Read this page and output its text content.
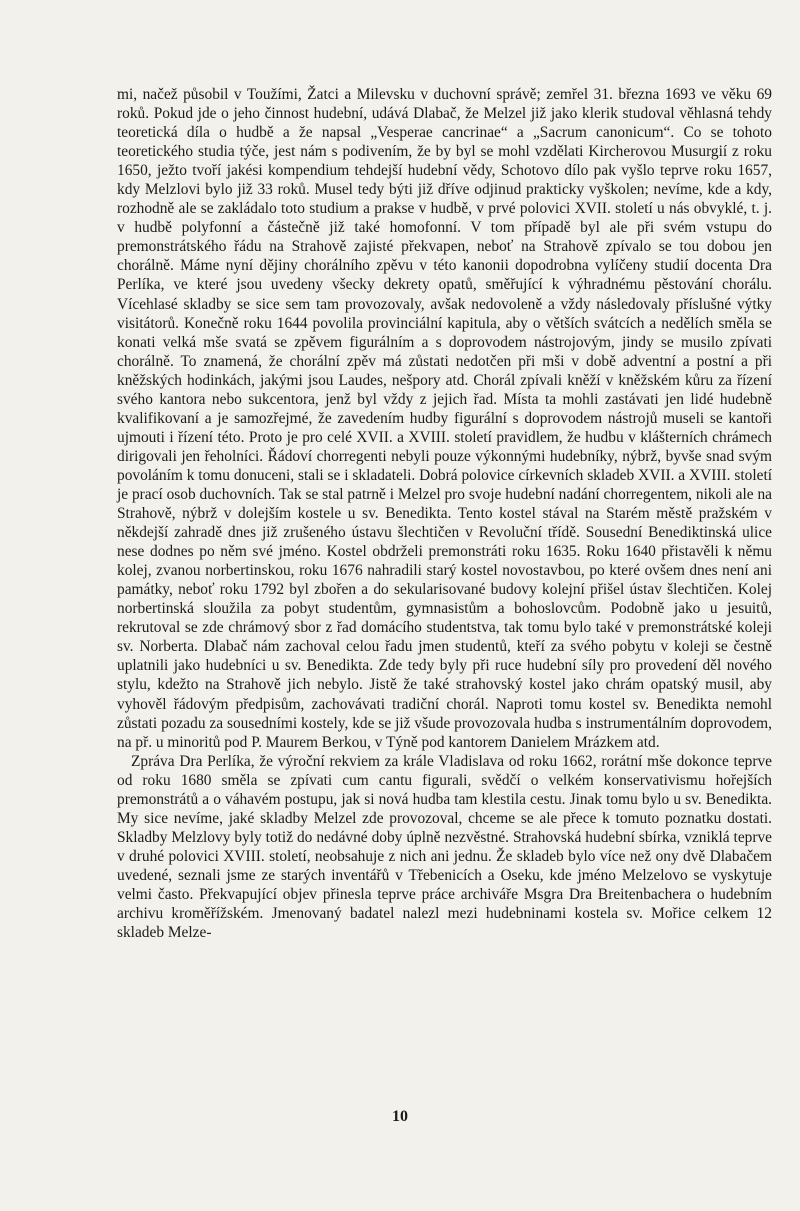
mi, načež působil v Toužími, Žatci a Milevsku v duchovní správě; zemřel 31. března 1693 ve věku 69 roků. Pokud jde o jeho činnost hudební, udává Dlabač, že Melzel již jako klerik studoval věhlasná tehdy teoretická díla o hudbě a že napsal „Vesperae cancrinae“ a „Sacrum canonicum“. Co se tohoto teoretického studia týče, jest nám s podivením, že by byl se mohl vzdělati Kircherovou Musurgií z roku 1650, ježto tvoří jakési kompendium tehdejší hudební vědy, Schotovo dílo pak vyšlo teprve roku 1657, kdy Melzlovi bylo již 33 roků. Musel tedy býti již dříve odjinud prakticky vyškolen; nevíme, kde a kdy, rozhodně ale se zakládalo toto studium a prakse v hudbě, v prvé polovici XVII. století u nás obvyklé, t. j. v hudbě polyfonní a částečně již také homofonní. V tom případě byl ale při svém vstupu do premonstrátského řádu na Strahově zajisté překvapen, neboť na Strahově zpívalo se tou dobou jen chorálně. Máme nyní dějiny chorálního zpěvu v této kanonii dopodrobna vylíčeny studií docenta Dra Perlíka, ve které jsou uvedeny všecky dekrety opatů, směřující k výhradnému pěstování chorálu. Vícehlasé skladby se sice sem tam provozovaly, avšak nedovoleně a vždy následovaly příslušné výtky visitátorů. Konečně roku 1644 povolila provinciální kapitula, aby o větších svátcích a nedělích směla se konati velká mše svatá se zpěvem figurálním a s doprovodem nástrojovým, jindy se musilo zpívati chorálně. To znamená, že chorální zpěv má zůstati nedotčen při mši v době adventní a postní a při kněžských hodinkách, jakými jsou Laudes, nešpory atd. Chorál zpívali kněží v kněžském kůru za řízení svého kantora nebo sukcentora, jenž byl vždy z jejich řad. Místa ta mohli zastávati jen lidé hudebně kvalifikovaní a je samozřejmé, že zavedením hudby figurální s doprovodem nástrojů museli se kantoři ujmouti i řízení této. Proto je pro celé XVII. a XVIII. století pravidlem, že hudbu v klášterních chrámech dirigovali jen řeholníci. Řádoví chorregenti nebyli pouze výkonnými hudebníky, nýbrž, byvše snad svým povoláním k tomu donuceni, stali se i skladateli. Dobrá polovice církevních skladeb XVII. a XVIII. století je prací osob duchovních. Tak se stal patrně i Melzel pro svoje hudební nadání chorregentem, nikoli ale na Strahově, nýbrž v dolejším kostele u sv. Benedikta. Tento kostel stával na Starém městě pražském v někdejší zahradě dnes již zrušeného ústavu šlechtičen v Revoluční třídě. Sousední Benediktinská ulice nese dodnes po něm své jméno. Kostel obdrželi premonstráti roku 1635. Roku 1640 přistavěli k němu kolej, zvanou norbertinskou, roku 1676 nahradili starý kostel novostavbou, po které ovšem dnes není ani památky, neboť roku 1792 byl zbořen a do sekularisované budovy kolejní přišel ústav šlechtičen. Kolej norbertinská sloužila za pobyt studentům, gymnasistům a bohoslovcům. Podobně jako u jesuitů, rekrutoval se zde chrámový sbor z řad domácího studentstva, tak tomu bylo také v premonstrátské koleji sv. Norberta. Dlabač nám zachoval celou řadu jmen studentů, kteří za svého pobytu v koleji se čestně uplatnili jako hudebníci u sv. Benedikta. Zde tedy byly při ruce hudební síly pro provedení děl nového stylu, kdežto na Strahově jich nebylo. Jistě že také strahovský kostel jako chrám opatský musil, aby vyhověl řádovým předpisům, zachovávati tradiční chorál. Naproti tomu kostel sv. Benedikta nemohl zůstati pozadu za sousedními kostely, kde se již všude provozovala hudba s instrumentálním doprovodem, na př. u minoritů pod P. Maurem Berkou, v Týně pod kantorem Danielem Mrázkem atd.

Zpráva Dra Perlíka, že výroční rekviem za krále Vladislava od roku 1662, rorátní mše dokonce teprve od roku 1680 směla se zpívati cum cantu figurali, svědčí o velkém konservativismu hořejších premonstrátů a o váhavém postupu, jak si nová hudba tam klestila cestu. Jinak tomu bylo u sv. Benedikta. My sice nevíme, jaké skladby Melzel zde provozoval, chceme se ale přece k tomuto poznatku dostati. Skladby Melzlovy byly totiž do nedávné doby úplně nezvěstné. Strahovská hudební sbírka, vzniklá teprve v druhé polovici XVIII. století, neobsahuje z nich ani jednu. Že skladeb bylo více než ony dvě Dlabačem uvedené, seznali jsme ze starých inventářů v Třebenicích a Oseku, kde jméno Melzelovo se vyskytuje velmi často. Překvapující objev přinesla teprve práce archiváře Msgra Dra Breitenbachera o hudebním archivu kroměřížském. Jmenovaný badatel nalezl mezi hudebninami kostela sv. Mořice celkem 12 skladeb Melze-

10
